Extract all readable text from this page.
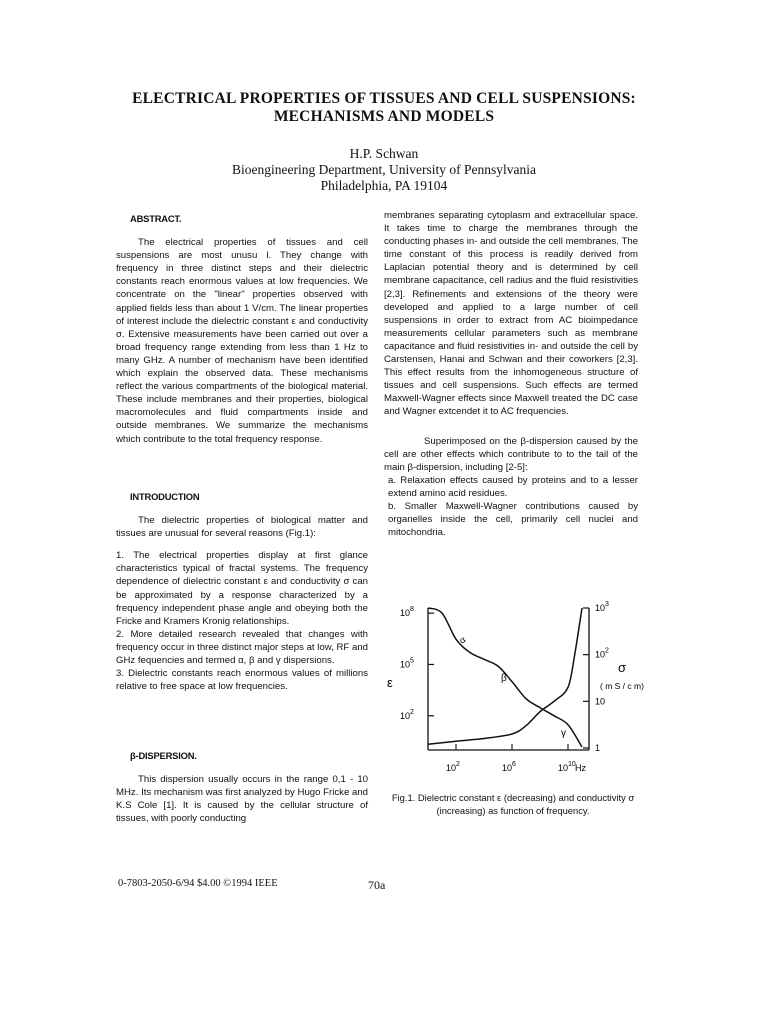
ELECTRICAL PROPERTIES OF TISSUES AND CELL SUSPENSIONS:
MECHANISMS AND MODELS
H.P. Schwan
Bioengineering Department, University of Pennsylvania
Philadelphia, PA 19104

ABSTRACT.

The electrical properties of tissues and cell suspensions are most unusu l. They change with frequency in three distinct steps and their dielectric constants reach enormous values at low frequencies. We concentrate on the "linear" properties observed with applied fields less than about 1 V/cm. The linear properties of interest include the dielectric constant ε and conductivity σ. Extensive measurements have been carried out over a broad frequency range extending from less than 1 Hz to many GHz. A number of mechanism have been identified which explain the observed data. These mechanisms reflect the various compartments of the biological material. These include membranes and their properties, biological macromolecules and fluid compartments inside and outside membranes. We summarize the mechanisms which contribute to the total frequency response.

INTRODUCTION

The dielectric properties of biological matter and tissues are unusual for several reasons (Fig.1):

1. The electrical properties display at first glance characteristics typical of fractal systems. The frequency dependence of dielectric constant ε and conductivity σ can be approximated by a response characterized by a frequency independent phase angle and obeying both the Fricke and Kramers Kronig relationships.

2. More detailed research revealed that changes with frequency occur in three distinct major steps at low, RF and GHz fequencies and termed α, β and γ dispersions.

3. Dielectric constants reach enormous values of millions relative to free space at low frequencies.

β-DISPERSION.

This dispersion usually occurs in the range 0,1 - 10 MHz. Its mechanism was first analyzed by Hugo Fricke and K.S Cole [1]. It is caused by the cellular structure of tissues, with poorly conducting

membranes separating cytoplasm and extracellular space. It takes time to charge the membranes through the conducting phases in- and outside the cell membranes. The time constant of this process is readily derived from Laplacian potential theory and is determined by cell membrane capacitance, cell radius and the fluid resistivities [2,3]. Refinements and extensions of the theory were developed and applied to a large number of cell suspensions in order to extract from AC bioimpedance measurements cellular parameters such as membrane capacitance and fluid resistivities in- and outside the cell by Carstensen, Hanai and Schwan and their coworkers [2,3]. This effect results from the inhomogeneous structure of tissues and cell suspensions. Such effects are termed Maxwell-Wagner effects since Maxwell treated the DC case and Wagner extcendet it to AC frequencies.

Superimposed on the β-dispersion caused by the cell are other effects which contribute to to the tail of the main β-dispersion, including [2-5]:

a. Relaxation effects caused by proteins and to a lesser extend amino acid residues.

b. Smaller Maxwell-Wagner contributions caused by organelles inside the cell, primarily cell nuclei and mitochondria.

$10^8$
$10^5$
$10^2$
$10^3$
$10^2$
10
1
$10^2$	$10^6$	$10^{10}$ Hz
ε
σ
( m S / c m)
α
β
γ
Fig.1. Dielectric constant ε (decreasing) and conductivity σ (increasing) as function of frequency.
0-7803-2050-6/94 $4.00 ©1994 IEEE	70a
